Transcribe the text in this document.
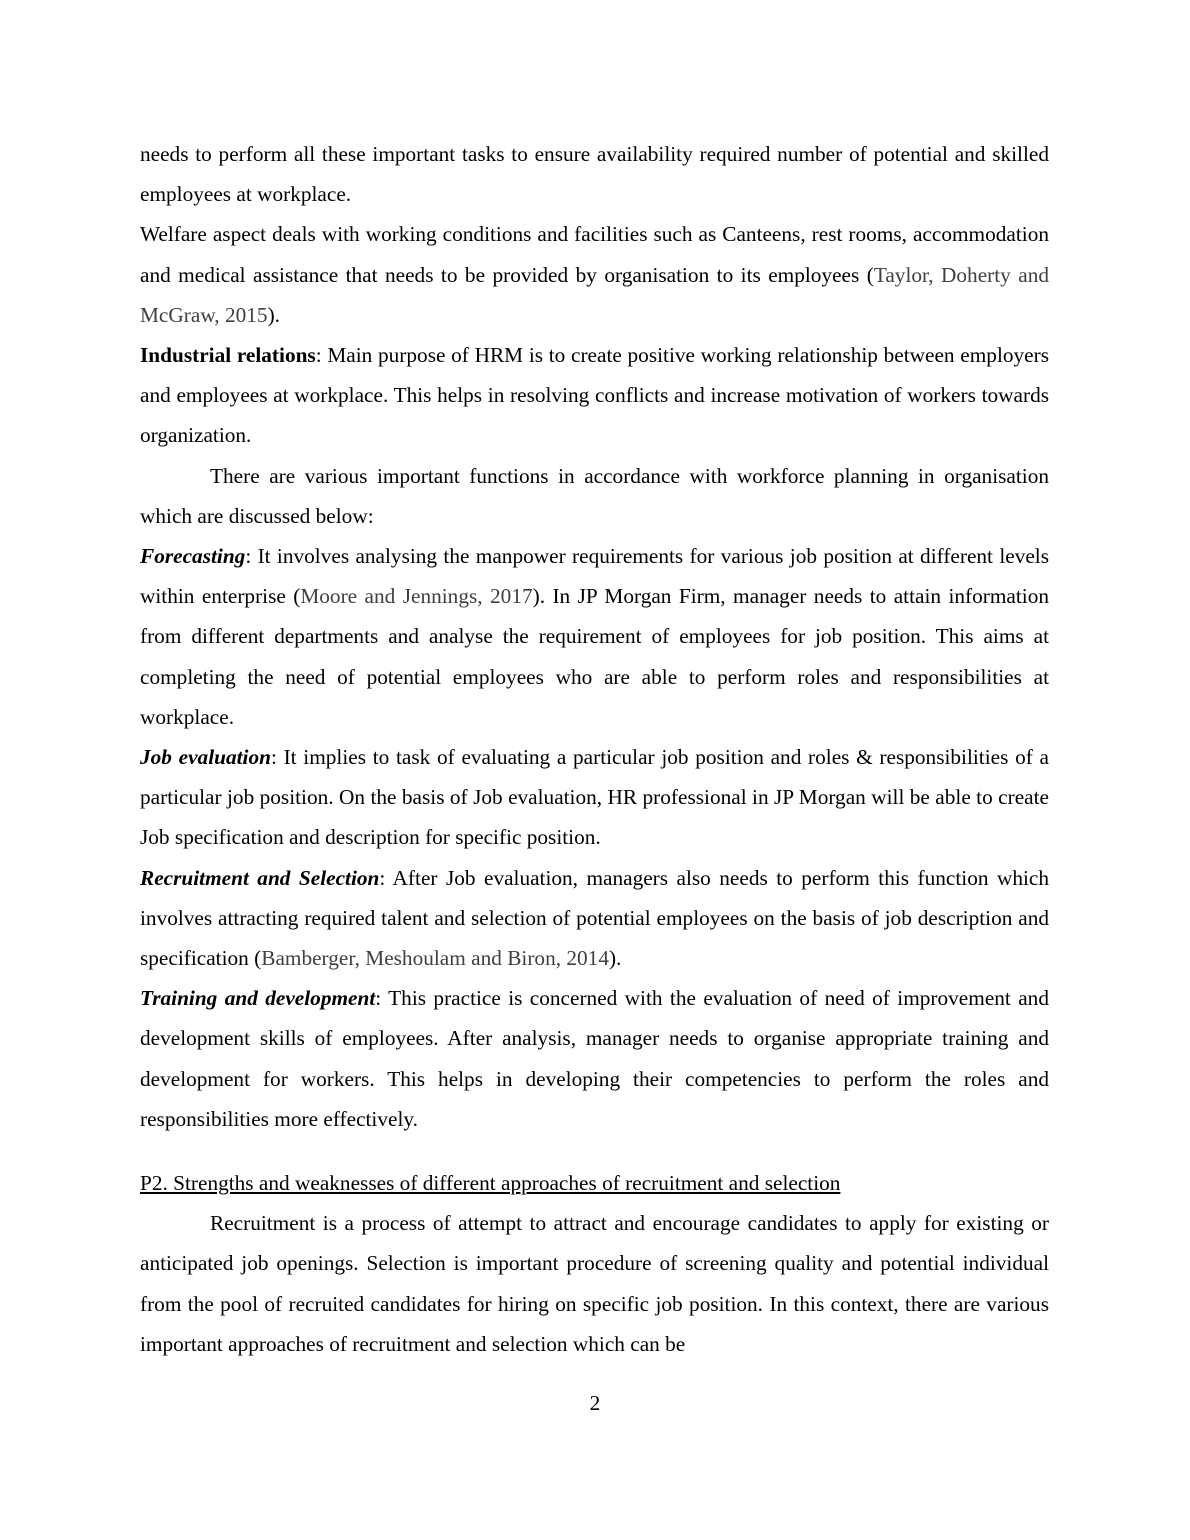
needs to perform all these important tasks to ensure availability required number of potential and skilled employees at workplace.

Welfare aspect deals with working conditions and facilities such as Canteens, rest rooms, accommodation and medical assistance that needs to be provided by organisation to its employees (Taylor, Doherty and McGraw, 2015).

Industrial relations: Main purpose of HRM is to create positive working relationship between employers and employees at workplace. This helps in resolving conflicts and increase motivation of workers towards organization.

There are various important functions in accordance with workforce planning in organisation which are discussed below:

Forecasting: It involves analysing the manpower requirements for various job position at different levels within enterprise (Moore and Jennings, 2017). In JP Morgan Firm, manager needs to attain information from different departments and analyse the requirement of employees for job position. This aims at completing the need of potential employees who are able to perform roles and responsibilities at workplace.

Job evaluation: It implies to task of evaluating a particular job position and roles & responsibilities of a particular job position. On the basis of Job evaluation, HR professional in JP Morgan will be able to create Job specification and description for specific position.

Recruitment and Selection: After Job evaluation, managers also needs to perform this function which involves attracting required talent and selection of potential employees on the basis of job description and specification (Bamberger, Meshoulam and Biron, 2014).

Training and development: This practice is concerned with the evaluation of need of improvement and development skills of employees. After analysis, manager needs to organise appropriate training and development for workers. This helps in developing their competencies to perform the roles and responsibilities more effectively.

P2. Strengths and weaknesses of different approaches of recruitment and selection

Recruitment is a process of attempt to attract and encourage candidates to apply for existing or anticipated job openings. Selection is important procedure of screening quality and potential individual from the pool of recruited candidates for hiring on specific job position. In this context, there are various important approaches of recruitment and selection which can be

2
